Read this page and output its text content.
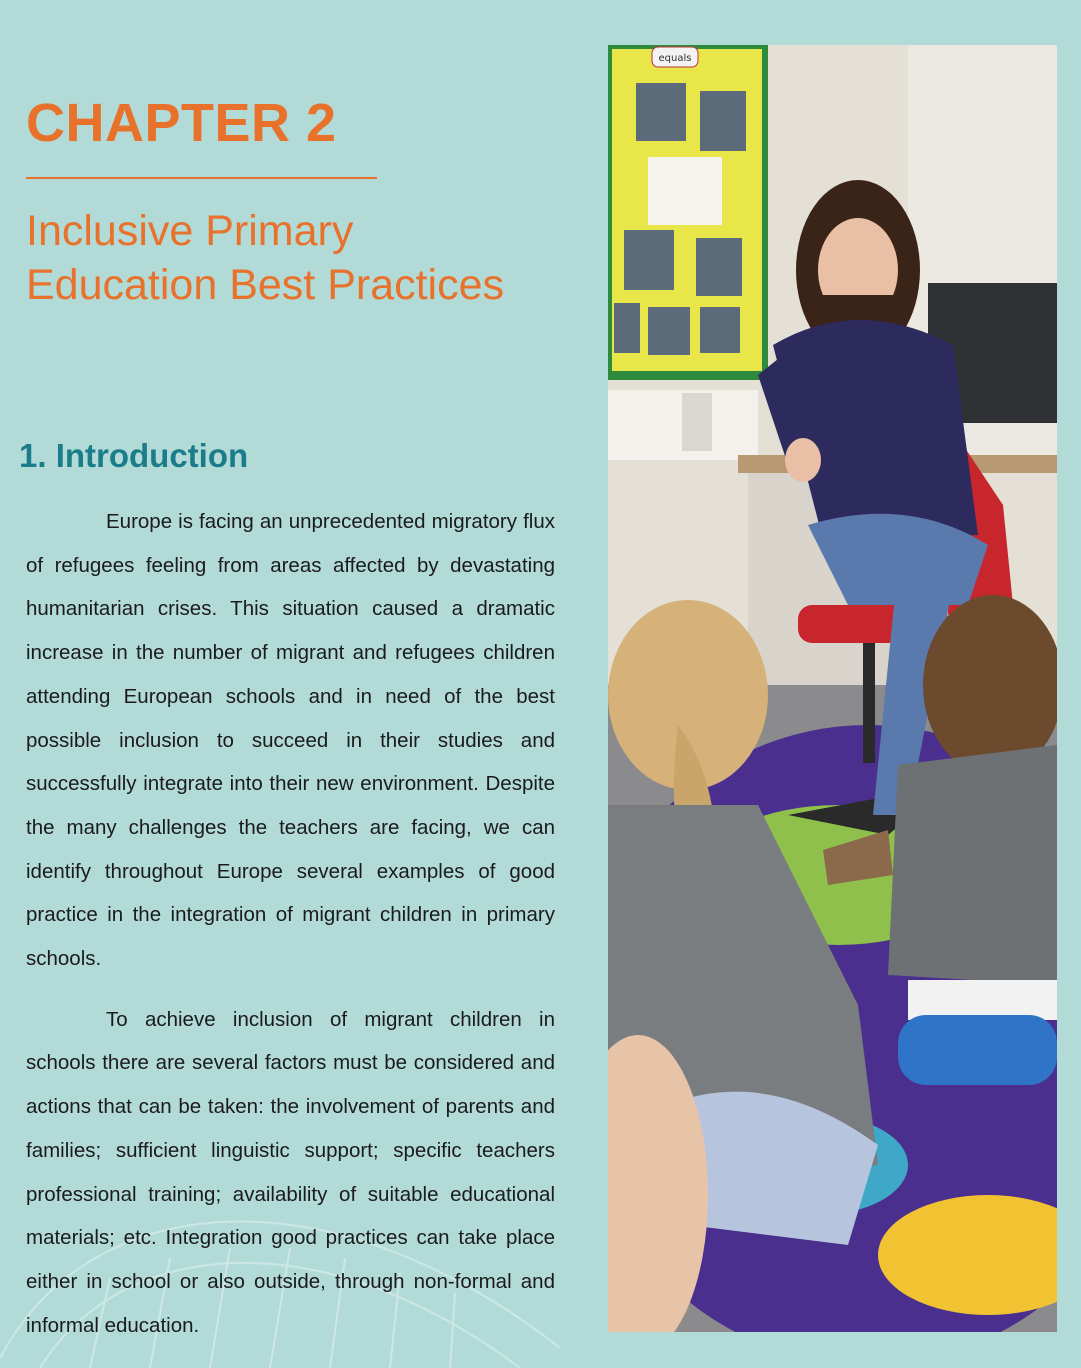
CHAPTER 2
Inclusive Primary
Education Best Practices
1. Introduction

Europe is facing an unprecedented migratory flux of refugees feeling from areas affected by devastating humanitarian crises. This situation caused a dramatic increase in the number of migrant and refugees children attending European schools and in need of the best possible inclusion to succeed in their studies and successfully integrate into their new environment. Despite the many challenges the teachers are facing, we can identify throughout Europe several examples of good practice in the integration of migrant children in primary schools.

To achieve inclusion of migrant children in schools there are several factors must be considered and actions that can be taken: the involvement of parents and families; sufficient linguistic support; specific teachers professional training; availability of suitable educational materials; etc. Integration good practices can take place either in school or also outside, through non-formal and informal education.

equals
